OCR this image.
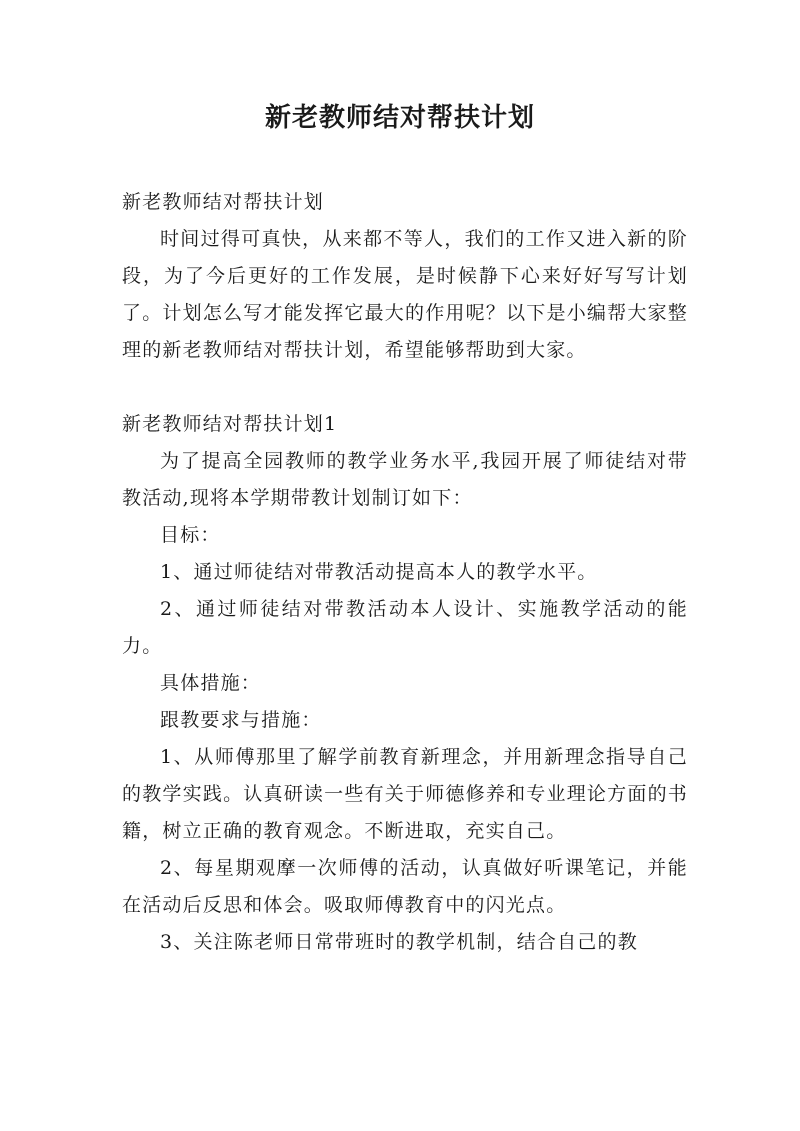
新老教师结对帮扶计划

新老教师结对帮扶计划

时间过得可真快，从来都不等人，我们的工作又进入新的阶段，为了今后更好的工作发展，是时候静下心来好好写写计划了。计划怎么写才能发挥它最大的作用呢？以下是小编帮大家整理的新老教师结对帮扶计划，希望能够帮助到大家。

新老教师结对帮扶计划1

为了提高全园教师的教学业务水平,我园开展了师徒结对带教活动,现将本学期带教计划制订如下：

目标：

1、通过师徒结对带教活动提高本人的教学水平。

2、通过师徒结对带教活动本人设计、实施教学活动的能力。

具体措施：

跟教要求与措施：

1、从师傅那里了解学前教育新理念，并用新理念指导自己的教学实践。认真研读一些有关于师德修养和专业理论方面的书籍，树立正确的教育观念。不断进取，充实自己。

2、每星期观摩一次师傅的活动，认真做好听课笔记，并能在活动后反思和体会。吸取师傅教育中的闪光点。

3、关注陈老师日常带班时的教学机制，结合自己的教
